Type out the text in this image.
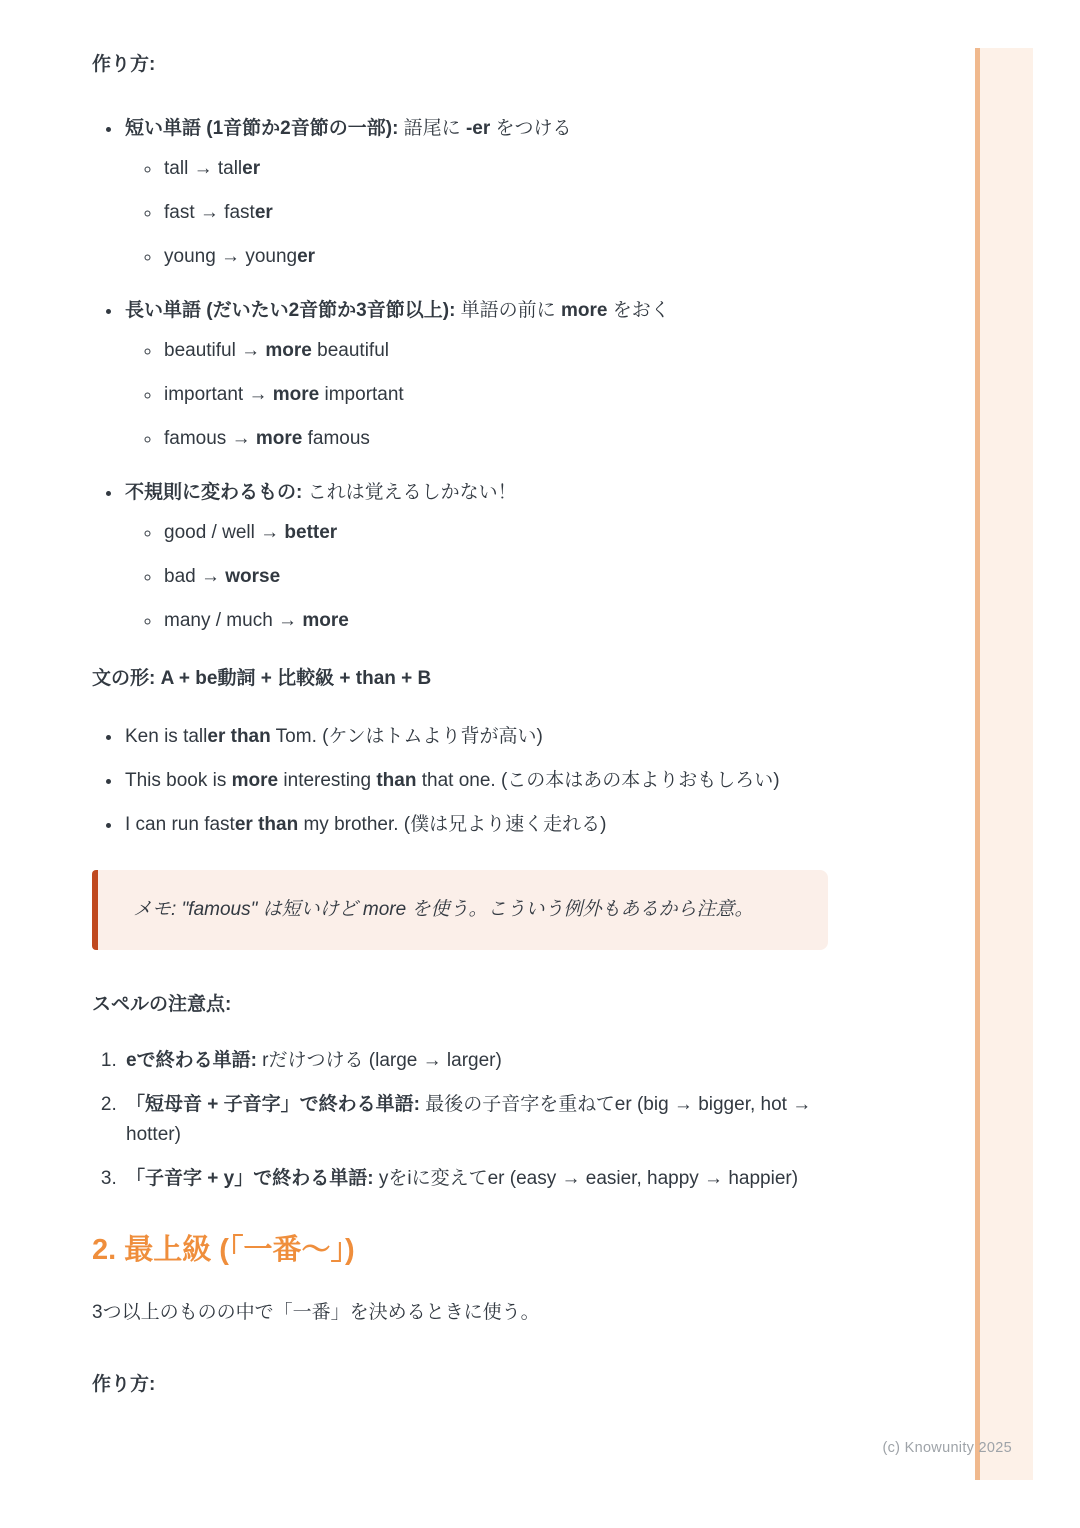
作り方:

• 短い単語 (1音節か2音節の一部): 語尾に -er をつける
◦ tall → taller
◦ fast → faster
◦ young → younger
• 長い単語 (だいたい2音節か3音節以上): 単語の前に more をおく
◦ beautiful → more beautiful
◦ important → more important
◦ famous → more famous
• 不規則に変わるもの: これは覚えるしかない！
◦ good / well → better
◦ bad → worse
◦ many / much → more

文の形: A + be動詞 + 比較級 + than + B

• Ken is taller than Tom. (ケンはトムより背が高い)
• This book is more interesting than that one. (この本はあの本よりおもしろい)
• I can run faster than my brother. (僕は兄より速く走れる)
メモ: "famous" は短いけど more を使う。こういう例外もあるから注意。

スペルの注意点:

1. eで終わる単語: rだけつける (large → larger)
2. 「短母音 + 子音字」で終わる単語: 最後の子音字を重ねてer (big → bigger, hot → hotter)
3. 「子音字 + y」で終わる単語: yをiに変えてer (easy → easier, happy → happier)
2. 最上級 (「一番〜」)

3つ以上のものの中で「一番」を決めるときに使う。

作り方:

(c) Knowunity 2025
